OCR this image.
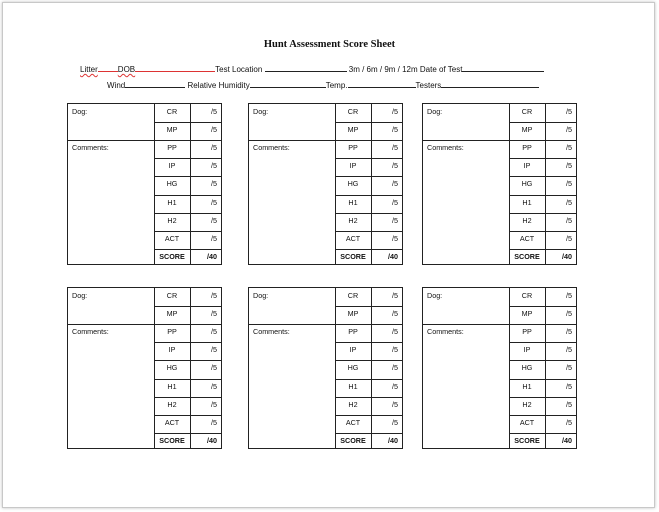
Hunt Assessment Score Sheet
Litter	DOB	Test Location	3m / 6m / 9m / 12m Date of Test
Wind	Relative Humidity	Temp.	Testers
Dog:
Comments:
CR	/5
MP	/5
PP	/5
IP	/5
HG	/5
H1	/5
H2	/5
ACT	/5
SCORE	/40
Dog:
Comments:
CR	/5
MP	/5
PP	/5
IP	/5
HG	/5
H1	/5
H2	/5
ACT	/5
SCORE	/40
Dog:
Comments:
CR	/5
MP	/5
PP	/5
IP	/5
HG	/5
H1	/5
H2	/5
ACT	/5
SCORE	/40
Dog:
Comments:
CR	/5
MP	/5
PP	/5
IP	/5
HG	/5
H1	/5
H2	/5
ACT	/5
SCORE	/40
Dog:
Comments:
CR	/5
MP	/5
PP	/5
IP	/5
HG	/5
H1	/5
H2	/5
ACT	/5
SCORE	/40
Dog:
Comments:
CR	/5
MP	/5
PP	/5
IP	/5
HG	/5
H1	/5
H2	/5
ACT	/5
SCORE	/40
